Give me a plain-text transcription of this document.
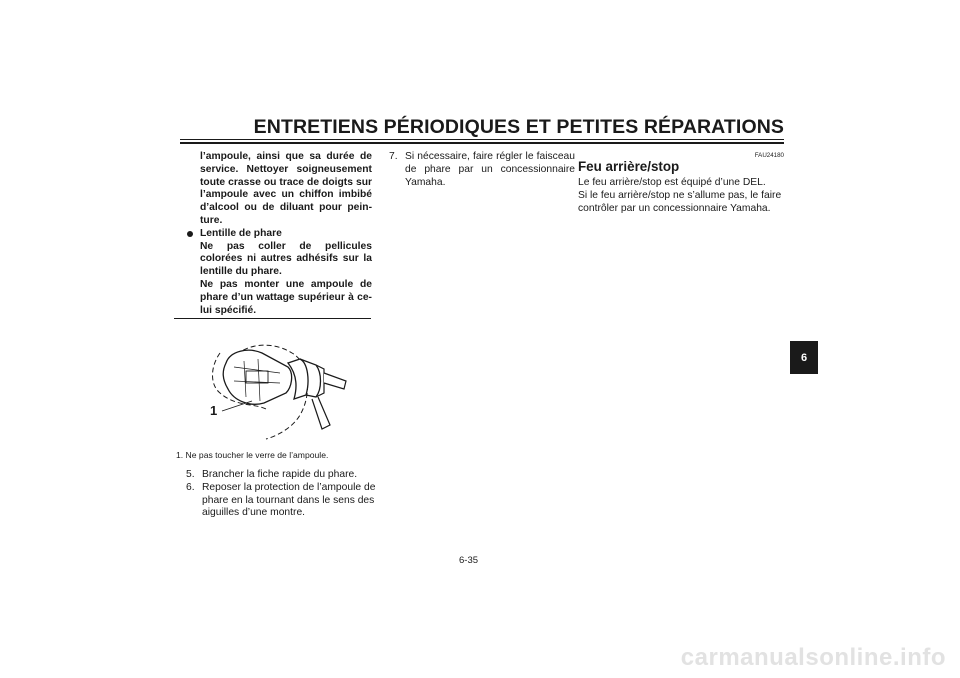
ENTRETIENS PÉRIODIQUES ET PETITES RÉPARATIONS
l’ampoule, ainsi que sa durée de service. Nettoyer soigneusement toute crasse ou trace de doigts sur l’ampoule avec un chiffon imbibé d’alcool ou de diluant pour pein-ture.
Lentille de phare
Ne pas coller de pellicules colorées ni autres adhésifs sur la lentille du phare.
Ne pas monter une ampoule de phare d’un wattage supérieur à ce-lui spécifié.
1
1. Ne pas toucher le verre de l’ampoule.
5. Brancher la fiche rapide du phare.
6. Reposer la protection de l’ampoule de phare en la tournant dans le sens des aiguilles d’une montre.
7. Si nécessaire, faire régler le faisceau de phare par un concessionnaire Yamaha.
FAU24180
Feu arrière/stop

Le feu arrière/stop est équipé d’une DEL.

Si le feu arrière/stop ne s’allume pas, le faire contrôler par un concessionnaire Yamaha.

6
6-35
carmanualsonline.info
